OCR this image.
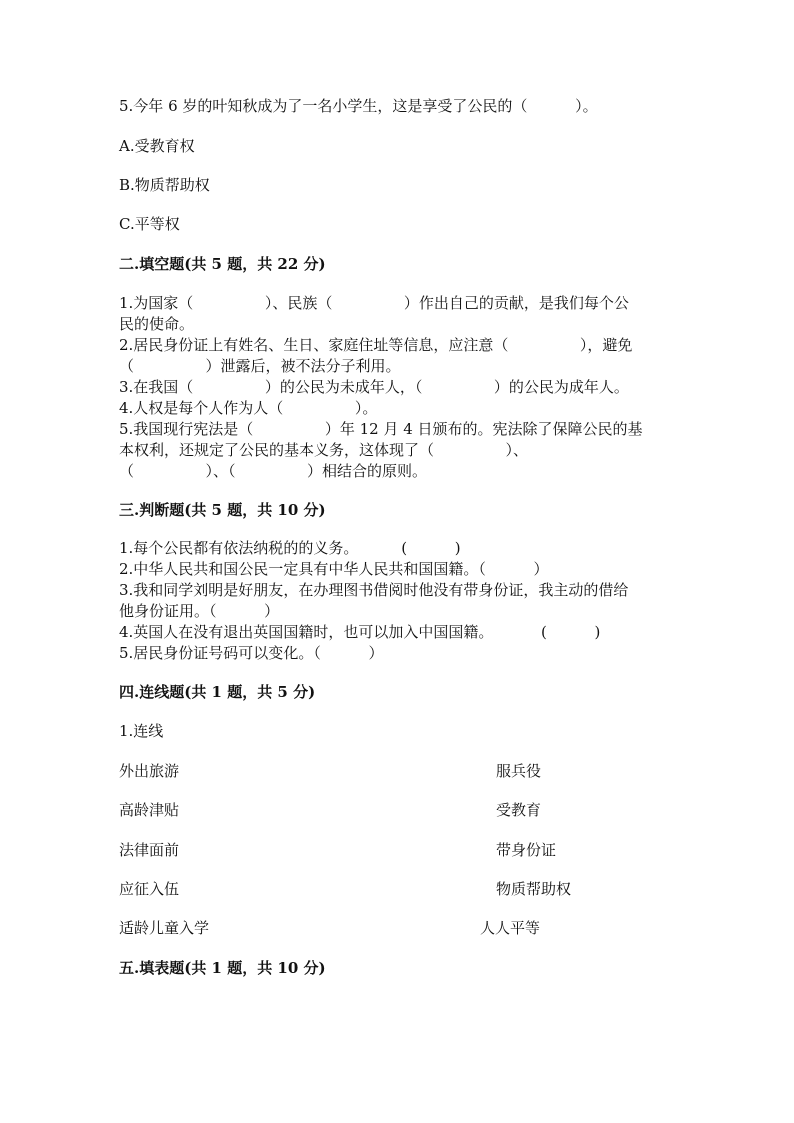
5.今年 6 岁的叶知秋成为了一名小学生，这是享受了公民的（          ）。
A.受教育权
B.物质帮助权
C.平等权
二.填空题(共 5 题，共 22 分)
1.为国家（               ）、民族（               ）作出自己的贡献，是我们每个公
民的使命。
2.居民身份证上有姓名、生日、家庭住址等信息，应注意（               ），避免
（               ）泄露后，被不法分子利用。
3.在我国（               ）的公民为未成年人，（               ）的公民为成年人。
4.人权是每个人作为人（               ）。
5.我国现行宪法是（               ）年 12 月 4 日颁布的。宪法除了保障公民的基
本权利，还规定了公民的基本义务，这体现了（               ）、
（               ）、（               ）相结合的原则。
三.判断题(共 5 题，共 10 分)
1.每个公民都有依法纳税的的义务。         (          )
2.中华人民共和国公民一定具有中华人民共和国国籍。（          ）
3.我和同学刘明是好朋友，在办理图书借阅时他没有带身份证，我主动的借给
他身份证用。（          ）
4.英国人在没有退出英国国籍时，也可以加入中国国籍。          (          )
5.居民身份证号码可以变化。（          ）
四.连线题(共 1 题，共 5 分)
1.连线
外出旅游
高龄津贴
法律面前
应征入伍
适龄儿童入学
服兵役
受教育
带身份证
物质帮助权
人人平等
五.填表题(共 1 题，共 10 分)
